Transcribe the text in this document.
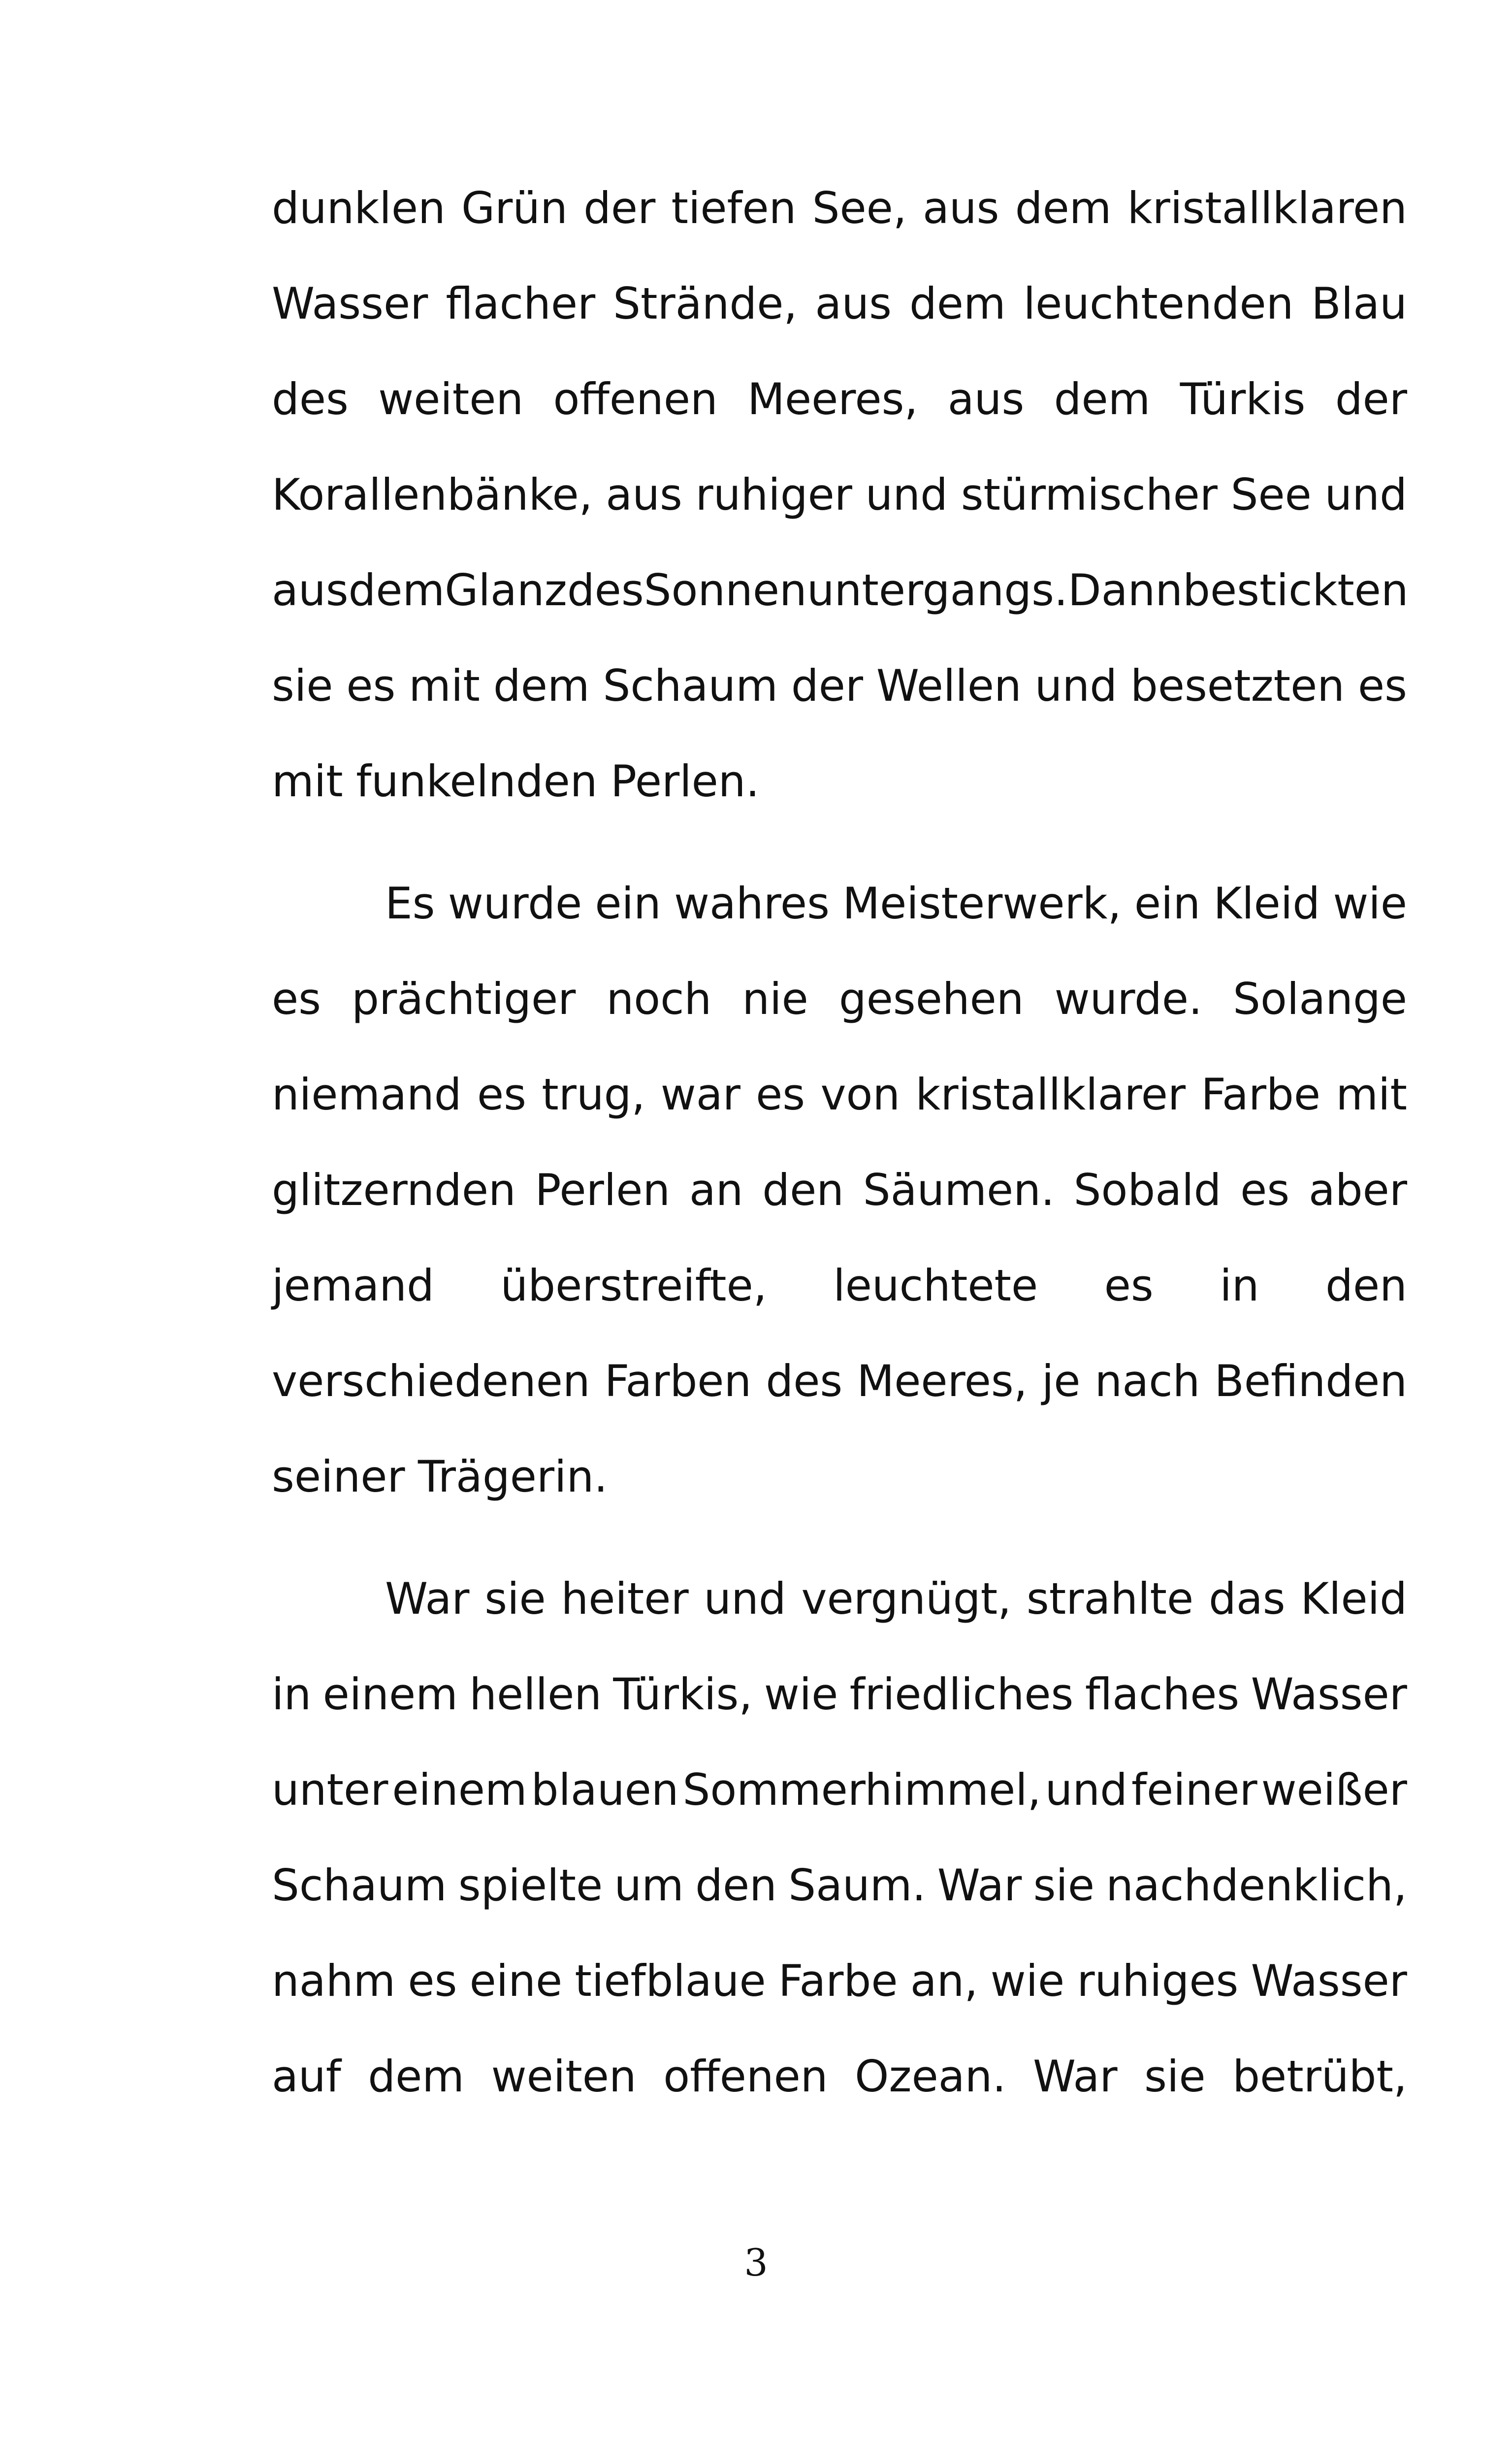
dunklen Grün der tiefen See, aus dem kristallklaren
Wasser flacher Strände, aus dem leuchtenden Blau
des weiten offenen Meeres, aus dem Türkis der
Korallenbänke, aus ruhiger und stürmischer See und
aus dem Glanz des Sonnenuntergangs. Dann bestickten
sie es mit dem Schaum der Wellen und besetzten es
mit funkelnden Perlen.
Es wurde ein wahres Meisterwerk, ein Kleid wie
es prächtiger noch nie gesehen wurde. Solange
niemand es trug, war es von kristallklarer Farbe mit
glitzernden Perlen an den Säumen. Sobald es aber
jemand überstreifte, leuchtete es in den
verschiedenen Farben des Meeres, je nach Befinden
seiner Trägerin.
War sie heiter und vergnügt, strahlte das Kleid
in einem hellen Türkis, wie friedliches flaches Wasser
unter einem blauen Sommerhimmel, und feiner weißer
Schaum spielte um den Saum. War sie nachdenklich,
nahm es eine tiefblaue Farbe an, wie ruhiges Wasser
auf dem weiten offenen Ozean. War sie betrübt,
3
